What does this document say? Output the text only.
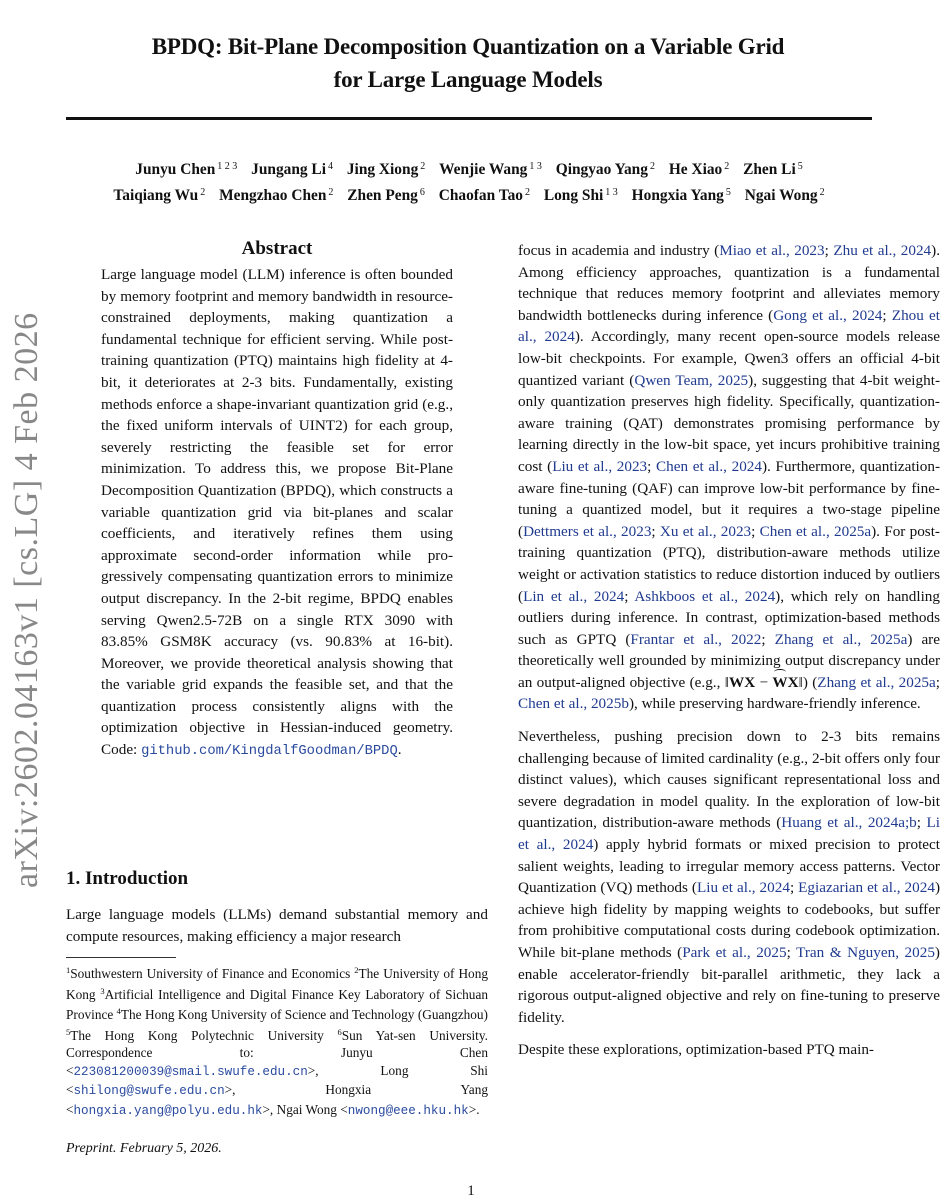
BPDQ: Bit-Plane Decomposition Quantization on a Variable Grid
for Large Language Models
Junyu Chen $^{1 2 3}$ Jungang Li $^4$ Jing Xiong $^2$ Wenjie Wang $^{1 3}$ Qingyao Yang $^2$ He Xiao $^2$ Zhen Li $^5$
Taiqiang Wu $^2$ Mengzhao Chen $^2$ Zhen Peng $^6$ Chaofan Tao $^2$ Long Shi $^{1 3}$ Hongxia Yang $^5$ Ngai Wong $^2$
arXiv:2602.04163v1 [cs.LG] 4 Feb 2026
Abstract
Large language model (LLM) inference is often bounded by memory footprint and memory bandwidth in resource-constrained deployments, making quantization a fundamental technique for efficient serving. While post-training quantization (PTQ) maintains high fidelity at 4-bit, it deteriorates at 2-3 bits. Fundamentally, existing methods enforce a shape-invariant quantization grid (e.g., the fixed uniform intervals of UINT2) for each group, severely restricting the feasible set for error minimization. To address this, we propose Bit-Plane Decomposition Quantization (BPDQ), which constructs a variable quantization grid via bit-planes and scalar coefficients, and iteratively refines them using approximate second-order information while progressively compensating quantization errors to minimize output discrepancy. In the 2-bit regime, BPDQ enables serving Qwen2.5-72B on a single RTX 3090 with 83.85% GSM8K accuracy (vs. 90.83% at 16-bit). Moreover, we provide theoretical analysis showing that the variable grid expands the feasible set, and that the quantization process consistently aligns with the optimization objective in Hessian-induced geometry. Code: github.com/KingdalfGoodman/BPDQ.
1. Introduction
Large language models (LLMs) demand substantial memory and compute resources, making efficiency a major research
$^1$Southwestern University of Finance and Economics $^2$The University of Hong Kong $^3$Artificial Intelligence and Digital Finance Key Laboratory of Sichuan Province $^4$The Hong Kong University of Science and Technology (Guangzhou) $^5$The Hong Kong Polytechnic University $^6$Sun Yat-sen University. Correspondence to: Junyu Chen <223081200039@smail.swufe.edu.cn>, Long Shi <shilong@swufe.edu.cn>, Hongxia Yang <hongxia.yang@polyu.edu.hk>, Ngai Wong <nwong@eee.hku.hk>.
Preprint. February 5, 2026.

focus in academia and industry (Miao et al., 2023; Zhu et al., 2024). Among efficiency approaches, quantization is a fundamental technique that reduces memory footprint and alleviates memory bandwidth bottlenecks during inference (Gong et al., 2024; Zhou et al., 2024). Accordingly, many recent open-source models release low-bit checkpoints. For example, Qwen3 offers an official 4-bit quantized variant (Qwen Team, 2025), suggesting that 4-bit weight-only quantization preserves high fidelity. Specifically, quantization-aware training (QAT) demonstrates promising performance by learning directly in the low-bit space, yet incurs prohibitive training cost (Liu et al., 2023; Chen et al., 2024). Furthermore, quantization-aware fine-tuning (QAF) can improve low-bit performance by fine-tuning a quantized model, but it requires a two-stage pipeline (Dettmers et al., 2023; Xu et al., 2023; Chen et al., 2025a). For post-training quantization (PTQ), distribution-aware methods utilize weight or activation statistics to reduce distortion induced by outliers (Lin et al., 2024; Ashkboos et al., 2024), which rely on handling outliers during inference. In contrast, optimization-based methods such as GPTQ (Frantar et al., 2022; Zhang et al., 2025a) are theoretically well grounded by minimizing output discrepancy under an output-aligned objective (e.g., ‖WX − WX‖) (Zhang et al., 2025a; Chen et al., 2025b), while preserving hardware-friendly inference.

Nevertheless, pushing precision down to 2-3 bits remains challenging because of limited cardinality (e.g., 2-bit offers only four distinct values), which causes significant representational loss and severe degradation in model quality. In the exploration of low-bit quantization, distribution-aware methods (Huang et al., 2024a;b; Li et al., 2024) apply hybrid formats or mixed precision to protect salient weights, leading to irregular memory access patterns. Vector Quantization (VQ) methods (Liu et al., 2024; Egiazarian et al., 2024) achieve high fidelity by mapping weights to codebooks, but suffer from prohibitive computational costs during codebook optimization. While bit-plane methods (Park et al., 2025; Tran & Nguyen, 2025) enable accelerator-friendly bit-parallel arithmetic, they lack a rigorous output-aligned objective and rely on fine-tuning to preserve fidelity.

Despite these explorations, optimization-based PTQ main-

1
